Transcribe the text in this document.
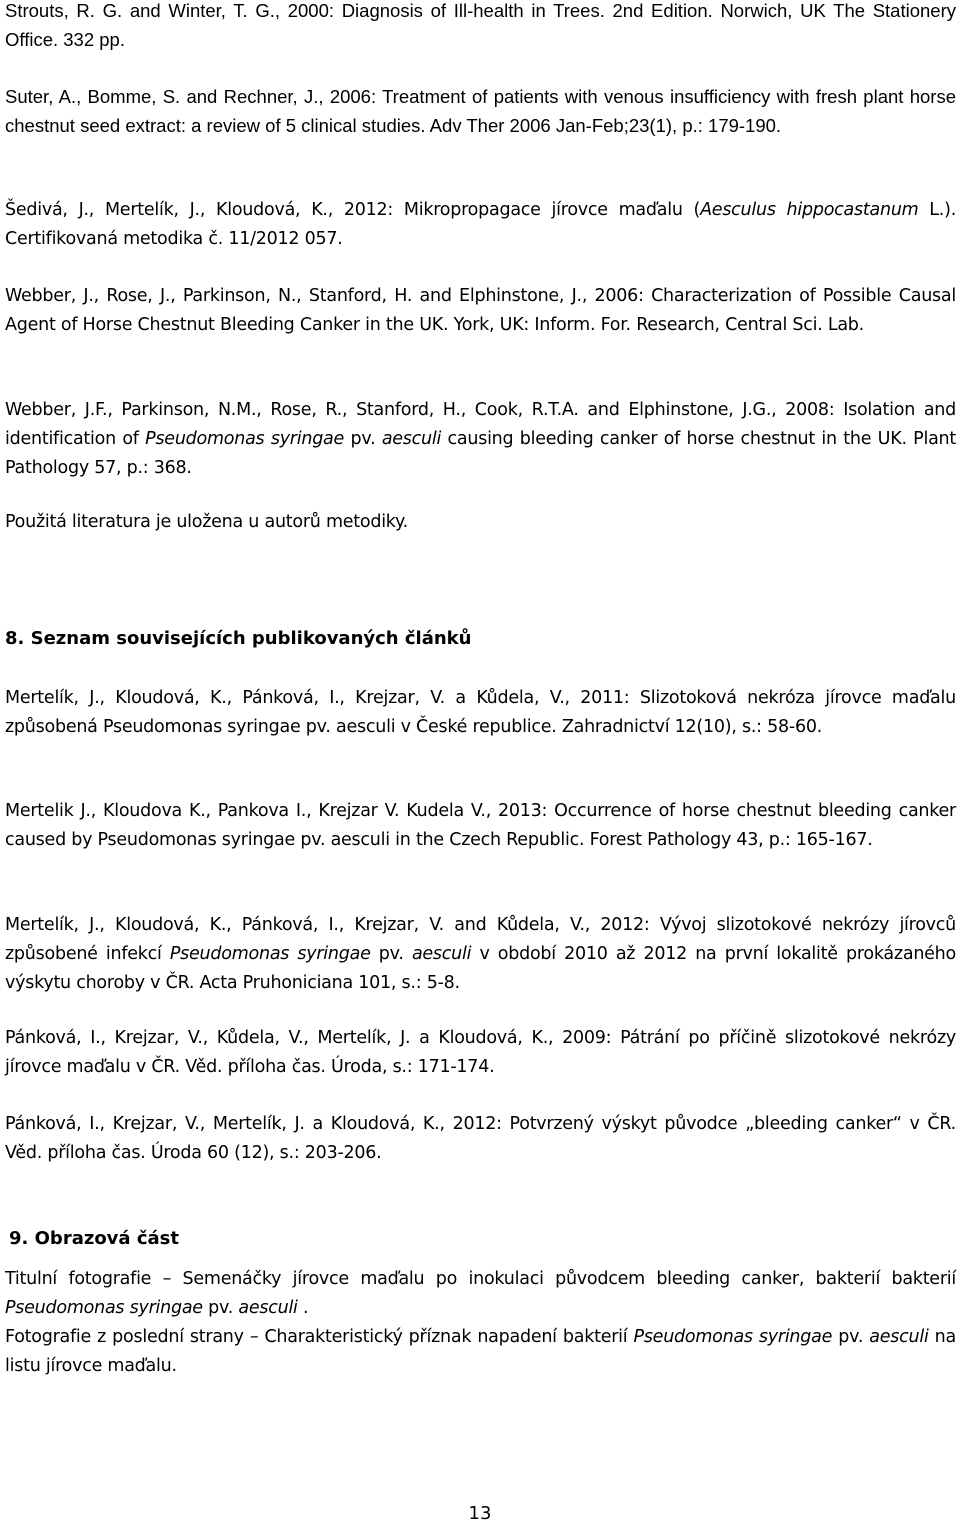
Strouts, R. G. and Winter, T. G., 2000: Diagnosis of Ill-health in Trees. 2nd Edition. Norwich, UK The Stationery Office. 332 pp.

Suter, A., Bomme, S. and Rechner, J., 2006: Treatment of patients with venous insufficiency with fresh plant horse chestnut seed extract: a review of 5 clinical studies. Adv Ther 2006 Jan-Feb;23(1), p.: 179-190.

Šedivá, J., Mertelík, J., Kloudová, K., 2012: Mikropropagace jírovce maďalu (Aesculus hippocastanum L.). Certifikovaná metodika č. 11/2012 057.

Webber, J., Rose, J., Parkinson, N., Stanford, H. and Elphinstone, J., 2006: Characterization of Possible Causal Agent of Horse Chestnut Bleeding Canker in the UK. York, UK: Inform. For. Research, Central Sci. Lab.

Webber, J.F., Parkinson, N.M., Rose, R., Stanford, H., Cook, R.T.A. and Elphinstone, J.G., 2008: Isolation and identification of Pseudomonas syringae pv. aesculi causing bleeding canker of horse chestnut in the UK. Plant Pathology 57, p.: 368.

Použitá literatura je uložena u autorů metodiky.

8. Seznam souvisejících publikovaných článků

Mertelík, J., Kloudová, K., Pánková, I., Krejzar, V. a Kůdela, V., 2011: Slizotoková nekróza jírovce maďalu způsobená Pseudomonas syringae pv. aesculi v České republice. Zahradnictví 12(10), s.: 58-60.

Mertelik J., Kloudova K., Pankova I., Krejzar V. Kudela V., 2013: Occurrence of horse chestnut bleeding canker caused by Pseudomonas syringae pv. aesculi in the Czech Republic. Forest Pathology 43, p.: 165-167.

Mertelík, J., Kloudová, K., Pánková, I., Krejzar, V. and Kůdela, V., 2012: Vývoj slizotokové nekrózy jírovců způsobené infekcí Pseudomonas syringae pv. aesculi v období 2010 až 2012 na první lokalitě prokázaného výskytu choroby v ČR. Acta Pruhoniciana 101, s.: 5-8.

Pánková, I., Krejzar, V., Kůdela, V., Mertelík, J. a Kloudová, K., 2009: Pátrání po příčině slizotokové nekrózy jírovce maďalu v ČR. Věd. příloha čas. Úroda, s.: 171-174.

Pánková, I., Krejzar, V., Mertelík, J. a Kloudová, K., 2012: Potvrzený výskyt původce „bleeding canker“ v ČR. Věd. příloha čas. Úroda 60 (12), s.: 203-206.

9. Obrazová část

Titulní fotografie – Semenáčky jírovce maďalu po inokulaci původcem bleeding canker, bakterií bakterií Pseudomonas syringae pv. aesculi .

Fotografie z poslední strany – Charakteristický příznak napadení bakterií Pseudomonas syringae pv. aesculi na listu jírovce maďalu.

13
